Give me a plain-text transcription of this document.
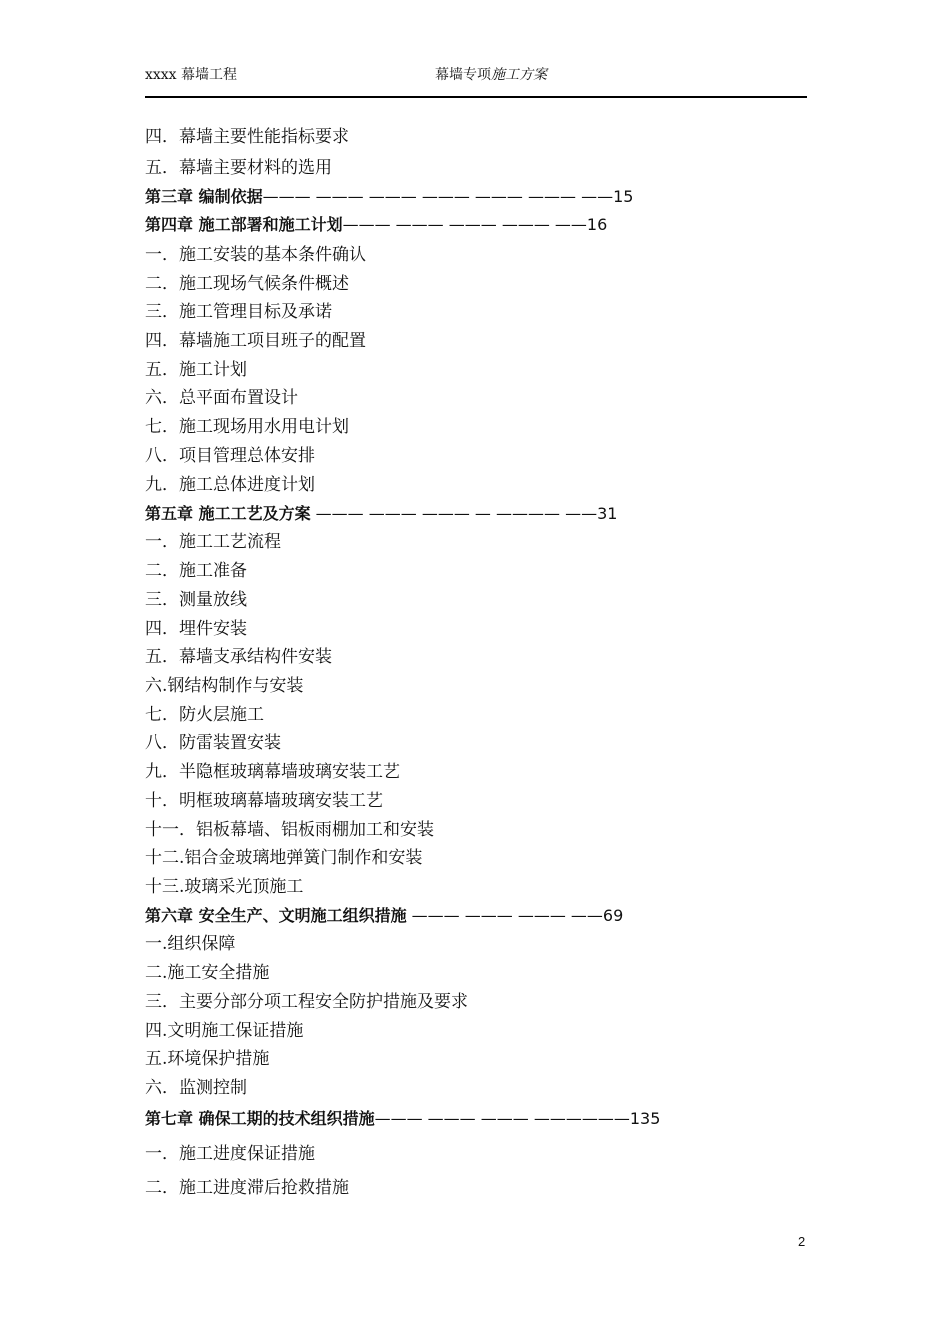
xxxx 幕墙工程	幕墙专项施工方案
四．幕墙主要性能指标要求
五．幕墙主要材料的选用
第三章 编制依据——— ——— ——— ——— ——— ——— ——15
第四章 施工部署和施工计划——— ——— ——— ——— ——16
一．施工安装的基本条件确认
二．施工现场气候条件概述
三．施工管理目标及承诺
四．幕墙施工项目班子的配置
五．施工计划
六．总平面布置设计
七．施工现场用水用电计划
八．项目管理总体安排
九．施工总体进度计划
第五章 施工工艺及方案 ——— ——— ——— — ———— ——31
一．施工工艺流程
二．施工准备
三．测量放线
四．埋件安装
五．幕墙支承结构件安装
六.钢结构制作与安装
七．防火层施工
八．防雷装置安装
九．半隐框玻璃幕墙玻璃安装工艺
十．明框玻璃幕墙玻璃安装工艺
十一．铝板幕墙、铝板雨棚加工和安装
十二.铝合金玻璃地弹簧门制作和安装
十三.玻璃采光顶施工
第六章 安全生产、文明施工组织措施 ——— ——— ——— ——69
一.组织保障
二.施工安全措施
三．主要分部分项工程安全防护措施及要求
四.文明施工保证措施
五.环境保护措施
六．监测控制
第七章 确保工期的技术组织措施——— ——— ——— ——————135
一．施工进度保证措施
二．施工进度滞后抢救措施
2
